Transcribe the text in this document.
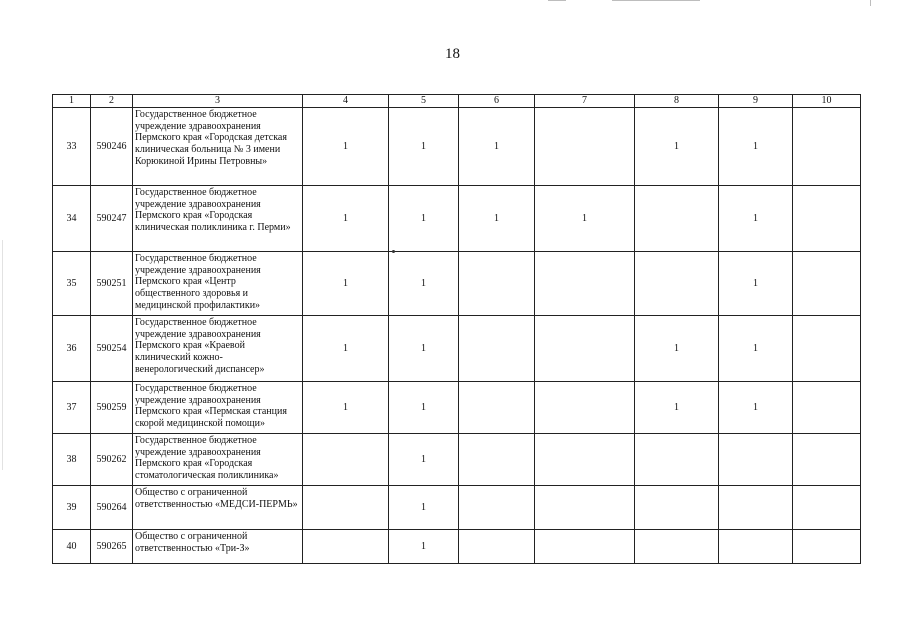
18
1	2	3	4	5	6	7	8	9	10
33	590246	Государственное бюджетное учреждение здравоохранения Пермского края «Городская детская клиническая больница № 3 имени Корюкиной Ирины Петровны»	1	1	1		1	1	
34	590247	Государственное бюджетное учреждение здравоохранения Пермского края «Городская клиническая поликлиника г. Перми»	1	1	1	1		1	
35	590251	Государственное бюджетное учреждение здравоохранения Пермского края «Центр общественного здоровья и медицинской профилактики»	1	1				1	
36	590254	Государственное бюджетное учреждение здравоохранения Пермского края «Краевой клинический кожно-венерологический диспансер»	1	1			1	1	
37	590259	Государственное бюджетное учреждение здравоохранения Пермского края «Пермская станция скорой медицинской помощи»	1	1			1	1	
38	590262	Государственное бюджетное учреждение здравоохранения Пермского края «Городская стоматологическая поликлиника»		1					
39	590264	Общество с ограниченной ответственностью «МЕДСИ-ПЕРМЬ»		1					
40	590265	Общество с ограниченной ответственностью «Три-З»		1					
